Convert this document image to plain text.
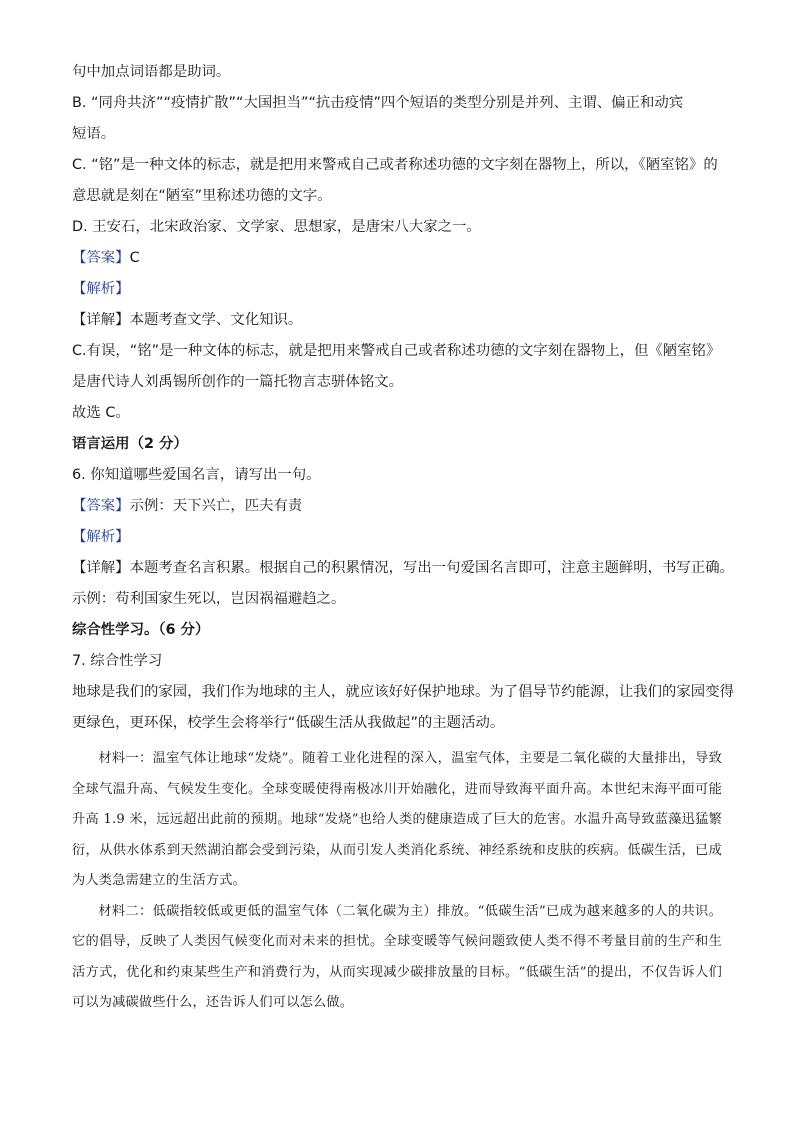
句中加点词语都是助词。
B. “同舟共济”“疫情扩散”“大国担当”“抗击疫情”四个短语的类型分别是并列、主谓、偏正和动宾
短语。
C. “铭”是一种文体的标志，就是把用来警戒自己或者称述功德的文字刻在器物上，所以，《陋室铭》的
意思就是刻在“陋室”里称述功德的文字。
D. 王安石，北宋政治家、文学家、思想家，是唐宋八大家之一。
【答案】C
【解析】
【详解】本题考查文学、文化知识。
C.有误，“铭”是一种文体的标志，就是把用来警戒自己或者称述功德的文字刻在器物上，但《陋室铭》
是唐代诗人刘禹锡所创作的一篇托物言志骈体铭文。
故选 C。
语言运用（2 分）
6. 你知道哪些爱国名言，请写出一句。
【答案】示例：天下兴亡，匹夫有责
【解析】
【详解】本题考查名言积累。根据自己的积累情况，写出一句爱国名言即可，注意主题鲜明，书写正确。
示例：苟利国家生死以，岂因祸福避趋之。
综合性学习。（6 分）
7. 综合性学习
地球是我们的家园，我们作为地球的主人，就应该好好保护地球。为了倡导节约能源，让我们的家园变得
更绿色，更环保，校学生会将举行“低碳生活从我做起”的主题活动。

材料一：温室气体让地球“发烧”。随着工业化进程的深入，温室气体，主要是二氧化碳的大量排出，导致全球气温升高、气候发生变化。全球变暖使得南极冰川开始融化，进而导致海平面升高。本世纪末海平面可能升高 1.9 米，远远超出此前的预期。地球“发烧”也给人类的健康造成了巨大的危害。水温升高导致蓝藻迅猛繁衍，从供水体系到天然湖泊都会受到污染，从而引发人类消化系统、神经系统和皮肤的疾病。低碳生活，已成为人类急需建立的生活方式。

材料二：低碳指较低或更低的温室气体（二氧化碳为主）排放。“低碳生活”已成为越来越多的人的共识。它的倡导，反映了人类因气候变化而对未来的担忧。全球变暖等气候问题致使人类不得不考量目前的生产和生活方式，优化和约束某些生产和消费行为，从而实现减少碳排放量的目标。“低碳生活”的提出，不仅告诉人们可以为减碳做些什么，还告诉人们可以怎么做。
